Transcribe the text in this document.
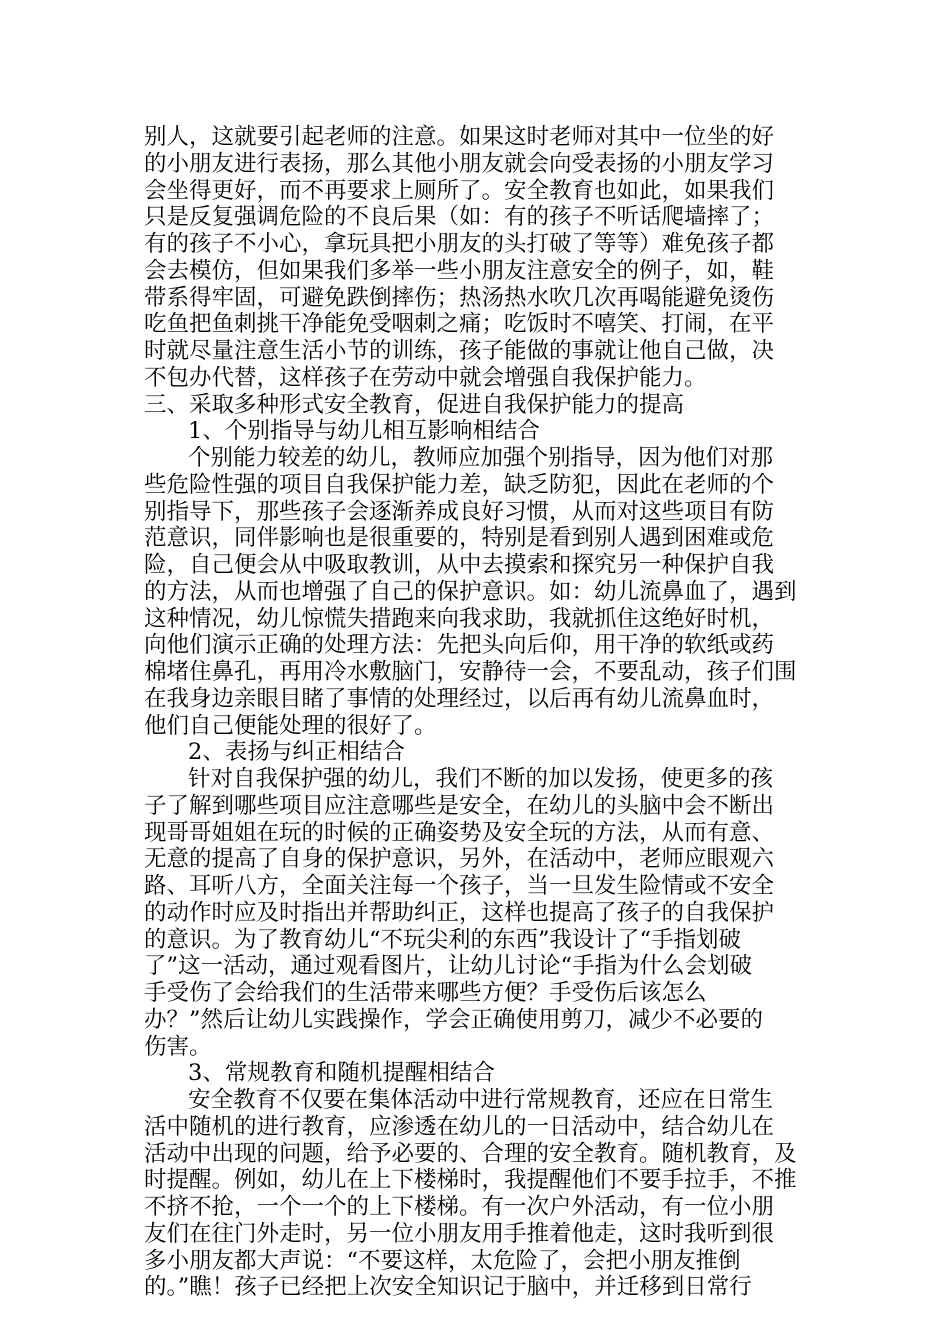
别人，这就要引起老师的注意。如果这时老师对其中一位坐的好
的小朋友进行表扬，那么其他小朋友就会向受表扬的小朋友学习
会坐得更好，而不再要求上厕所了。安全教育也如此，如果我们
只是反复强调危险的不良后果（如：有的孩子不听话爬墙摔了；
有的孩子不小心，拿玩具把小朋友的头打破了等等）难免孩子都
会去模仿，但如果我们多举一些小朋友注意安全的例子，如，鞋
带系得牢固，可避免跌倒摔伤；热汤热水吹几次再喝能避免烫伤
吃鱼把鱼刺挑干净能免受咽刺之痛；吃饭时不嘻笑、打闹，在平
时就尽量注意生活小节的训练，孩子能做的事就让他自己做，决
不包办代替，这样孩子在劳动中就会增强自我保护能力。
三、采取多种形式安全教育，促进自我保护能力的提高
1、个别指导与幼儿相互影响相结合
个别能力较差的幼儿，教师应加强个别指导，因为他们对那
些危险性强的项目自我保护能力差，缺乏防犯，因此在老师的个
别指导下，那些孩子会逐渐养成良好习惯，从而对这些项目有防
范意识，同伴影响也是很重要的，特别是看到别人遇到困难或危
险，自己便会从中吸取教训，从中去摸索和探究另一种保护自我
的方法，从而也增强了自己的保护意识。如：幼儿流鼻血了，遇到
这种情况，幼儿惊慌失措跑来向我求助，我就抓住这绝好时机，
向他们演示正确的处理方法：先把头向后仰，用干净的软纸或药
棉堵住鼻孔，再用冷水敷脑门，安静待一会，不要乱动，孩子们围
在我身边亲眼目睹了事情的处理经过，以后再有幼儿流鼻血时，
他们自己便能处理的很好了。
2、表扬与纠正相结合
针对自我保护强的幼儿，我们不断的加以发扬，使更多的孩
子了解到哪些项目应注意哪些是安全，在幼儿的头脑中会不断出
现哥哥姐姐在玩的时候的正确姿势及安全玩的方法，从而有意、
无意的提高了自身的保护意识，另外，在活动中，老师应眼观六
路、耳听八方，全面关注每一个孩子，当一旦发生险情或不安全
的动作时应及时指出并帮助纠正，这样也提高了孩子的自我保护
的意识。为了教育幼儿“不玩尖利的东西”我设计了“手指划破
了”这一活动，通过观看图片，让幼儿讨论“手指为什么会划破
手受伤了会给我们的生活带来哪些方便？手受伤后该怎么
办？”然后让幼儿实践操作，学会正确使用剪刀，减少不必要的
伤害。
3、常规教育和随机提醒相结合
安全教育不仅要在集体活动中进行常规教育，还应在日常生
活中随机的进行教育，应渗透在幼儿的一日活动中，结合幼儿在
活动中出现的问题，给予必要的、合理的安全教育。随机教育，及
时提醒。例如，幼儿在上下楼梯时，我提醒他们不要手拉手，不推
不挤不抢，一个一个的上下楼梯。有一次户外活动，有一位小朋
友们在往门外走时，另一位小朋友用手推着他走，这时我听到很
多小朋友都大声说：“不要这样，太危险了，会把小朋友推倒
的。”瞧！孩子已经把上次安全知识记于脑中，并迁移到日常行
